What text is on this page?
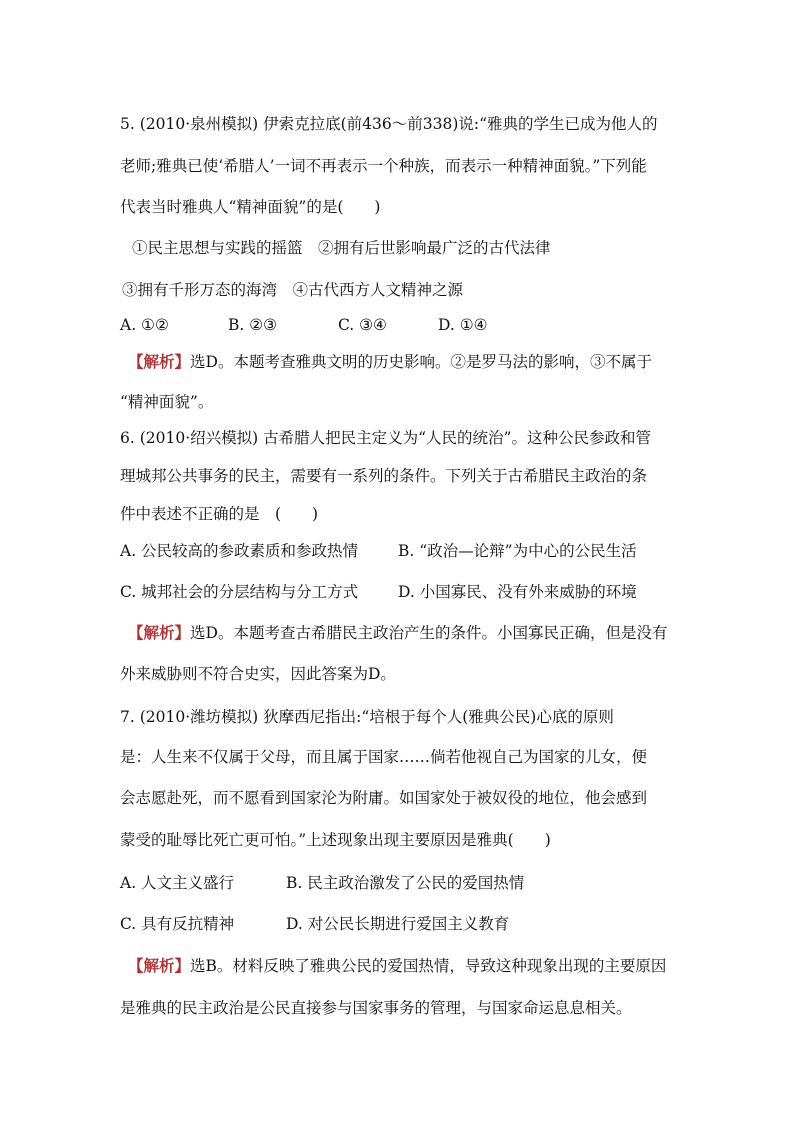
5. (2010·泉州模拟) 伊索克拉底(前436～前338)说:“雅典的学生已成为他人的
老师;雅典已使‘希腊人’一词不再表示一个种族，而表示一种精神面貌。”下列能
代表当时雅典人“精神面貌”的是(　　)
①民主思想与实践的摇篮　②拥有后世影响最广泛的古代法律
③拥有千形万态的海湾　④古代西方人文精神之源
A. ①②	B. ②③	C. ③④	D. ①④
【解析】选D。本题考查雅典文明的历史影响。②是罗马法的影响，③不属于
“精神面貌”。
6. (2010·绍兴模拟) 古希腊人把民主定义为“人民的统治”。这种公民参政和管
理城邦公共事务的民主，需要有一系列的条件。下列关于古希腊民主政治的条
件中表述不正确的是　(　　)
A. 公民较高的参政素质和参政热情	B. “政治—论辩”为中心的公民生活
C. 城邦社会的分层结构与分工方式	D. 小国寡民、没有外来威胁的环境
【解析】选D。本题考查古希腊民主政治产生的条件。小国寡民正确，但是没有
外来威胁则不符合史实，因此答案为D。
7. (2010·潍坊模拟) 狄摩西尼指出:“培根于每个人(雅典公民)心底的原则
是：人生来不仅属于父母，而且属于国家……倘若他视自己为国家的儿女，便
会志愿赴死，而不愿看到国家沦为附庸。如国家处于被奴役的地位，他会感到
蒙受的耻辱比死亡更可怕。”上述现象出现主要原因是雅典(　　)
A. 人文主义盛行	B. 民主政治激发了公民的爱国热情
C. 具有反抗精神	D. 对公民长期进行爱国主义教育
【解析】选B。材料反映了雅典公民的爱国热情，导致这种现象出现的主要原因
是雅典的民主政治是公民直接参与国家事务的管理，与国家命运息息相关。
